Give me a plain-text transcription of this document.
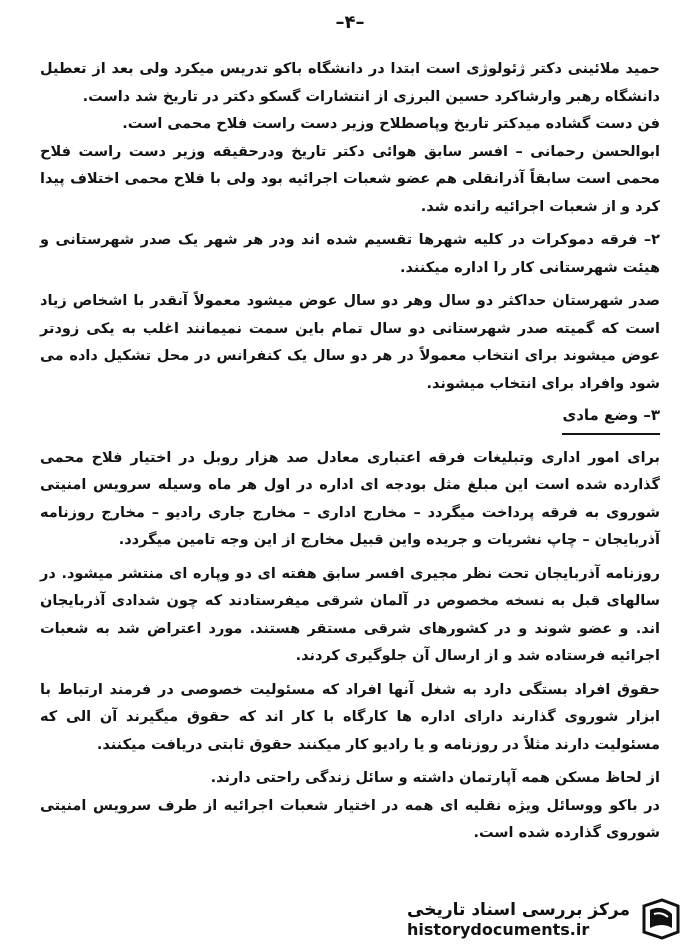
–۴–

حمید ملائینی دکتر ژئولوژی است ابتدا در دانشگاه باکو تدریس میکرد ولی بعد از تعطیل دانشگاه رهبر وارشاکرد حسین البرزی از انتشارات گسکو دکتر در تاریخ شد داست.

فن دست گشاده میدکتر تاریخ وپاصطلاح وزیر دست راست فلاح محمی است.

ابوالحسن رحمانی – افسر سابق هوائی دکتر تاریخ ودرحقیقه وزیر دست راست فلاح محمی است سابقاً آذرانقلی هم عضو شعبات اجرائیه بود ولی با فلاح محمی اختلاف پیدا کرد و از شعبات اجرائیه رانده شد.

۲– فرقه دموکرات در کلیه شهرها تقسیم شده اند ودر هر شهر یک صدر شهرستانی و هیئت شهرستانی کار را اداره میکنند.

صدر شهرستان حداکثر دو سال وهر دو سال عوض میشود معمولاً آنقدر با اشخاص زیاد است که گمیته صدر شهرستانی دو سال تمام باین سمت نمیمانند اغلب به یکی زودتر عوض میشوند برای انتخاب معمولاً در هر دو سال یک کنفرانس در محل تشکیل داده می شود وافراد برای انتخاب میشوند.

۳– وضع مادی

برای امور اداری وتبلیغات فرقه اعتباری معادل صد هزار روبل در اختیار فلاح محمی گذارده شده است این مبلغ مثل بودجه ای اداره در اول هر ماه وسیله سرویس امنیتی شوروی به فرقه پرداخت میگردد – مخارج اداری – مخارج جاری رادیو – مخارج روزنامه آذربایجان – چاپ نشریات و جریده واین قبیل مخارج از این وجه تامین میگردد.

روزنامه آذربایجان تحت نظر مجیری افسر سابق هفته ای دو وپاره ای منتشر میشود. در سالهای قبل به نسخه مخصوص در آلمان شرقی میفرستادند که چون شدادی آذربایجان اند. و عضو شوند و در کشورهای شرقی مستقر هستند. مورد اعتراض شد به شعبات اجرائیه فرستاده شد و از ارسال آن جلوگیری کردند.

حقوق افراد بستگی دارد به شغل آنها افراد که مسئولیت خصوصی در فرمند ارتباط با ابزار شوروی گذارند دارای اداره ها کارگاه با کار اند که حقوق میگیرند آن الی که مسئولیت دارند مثلاً در روزنامه و یا رادیو کار میکنند حقوق ثابتی دریافت میکنند.

از لحاظ مسکن همه آپارتمان داشته و سائل زندگی راحتی دارند.

در باکو ووسائل ویژه نقلیه ای همه در اختیار شعبات اجرائیه از طرف سرویس امنیتی شوروی گذارده شده است.

مرکز بررسی اسناد تاریخی
historydocuments.ir
